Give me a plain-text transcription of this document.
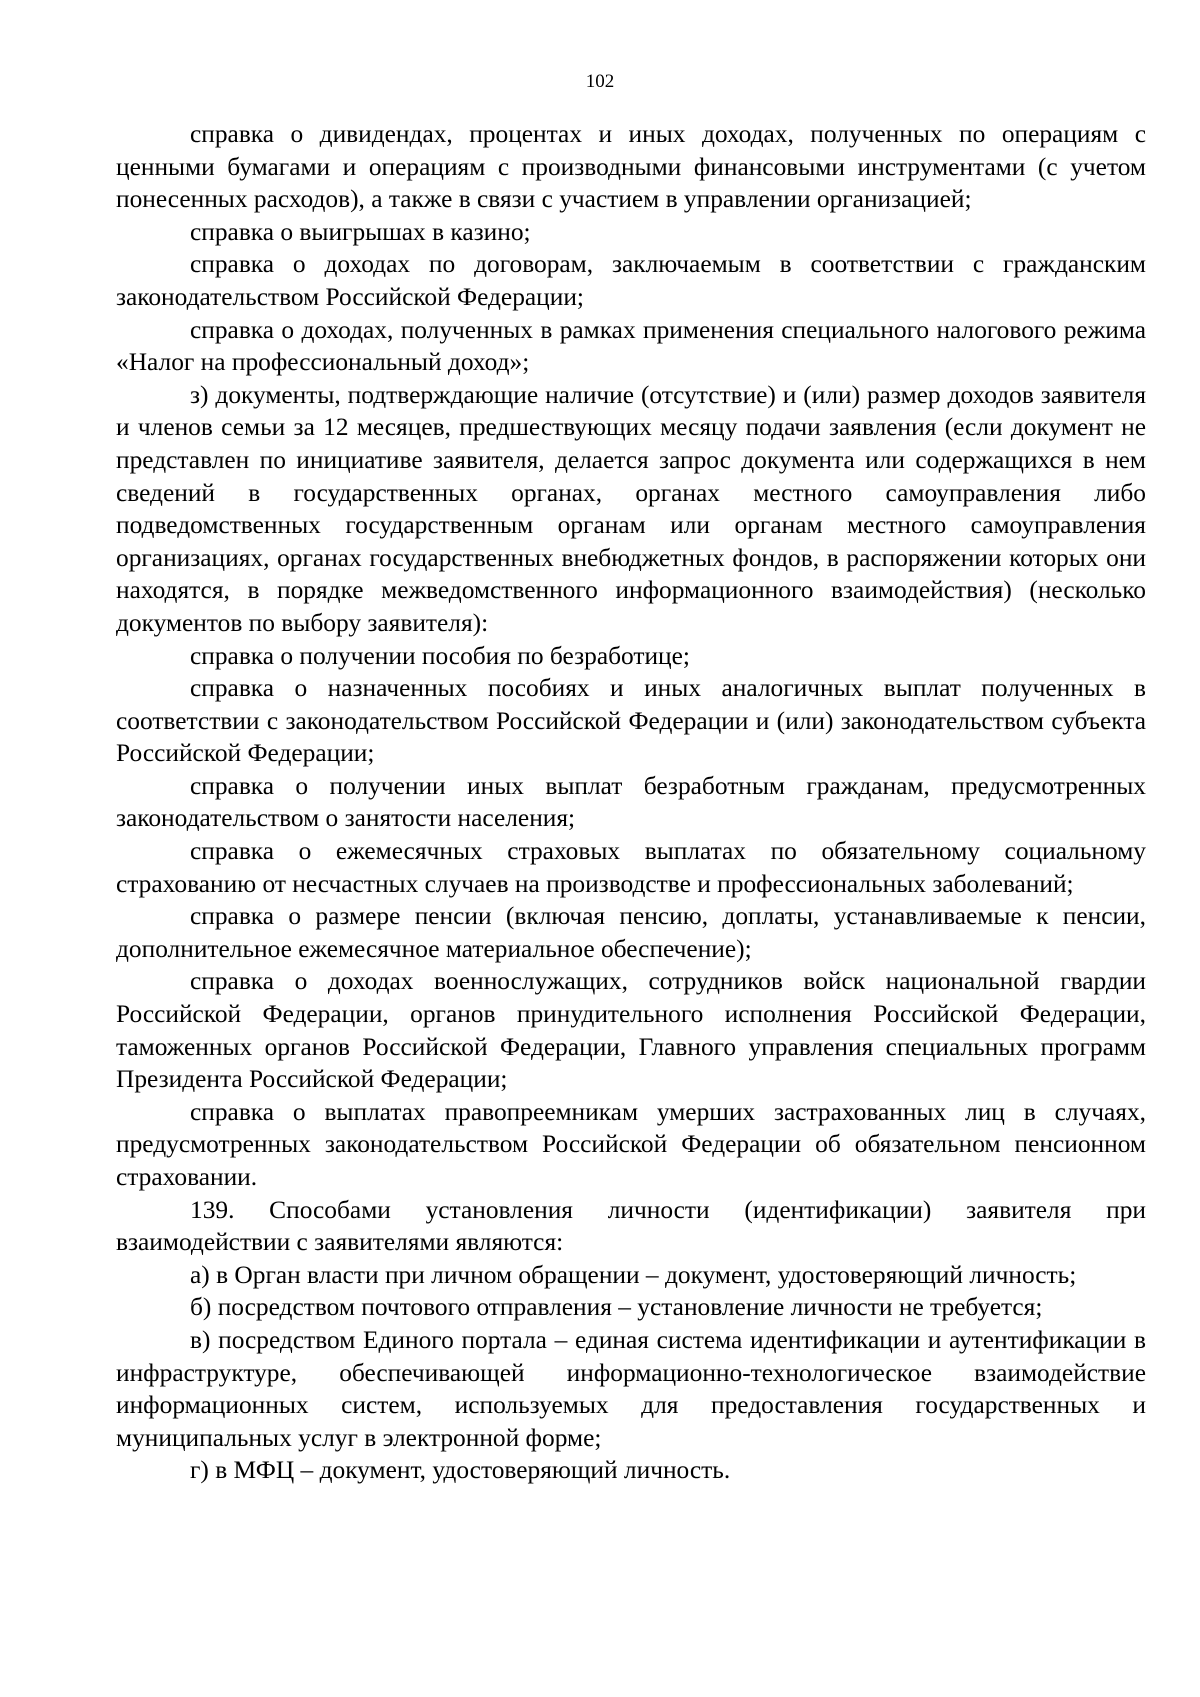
102

справка о дивидендах, процентах и иных доходах, полученных по операциям с ценными бумагами и операциям с производными финансовыми инструментами (с учетом понесенных расходов), а также в связи с участием в управлении организацией;

справка о выигрышах в казино;

справка о доходах по договорам, заключаемым в соответствии с гражданским законодательством Российской Федерации;

справка о доходах, полученных в рамках применения специального налогового режима «Налог на профессиональный доход»;

з) документы, подтверждающие наличие (отсутствие) и (или) размер доходов заявителя и членов семьи за 12 месяцев, предшествующих месяцу подачи заявления (если документ не представлен по инициативе заявителя, делается запрос документа или содержащихся в нем сведений в государственных органах, органах местного самоуправления либо подведомственных государственным органам или органам местного самоуправления организациях, органах государственных внебюджетных фондов, в распоряжении которых они находятся, в порядке межведомственного информационного взаимодействия) (несколько документов по выбору заявителя):

справка о получении пособия по безработице;

справка о назначенных пособиях и иных аналогичных выплат полученных в соответствии с законодательством Российской Федерации и (или) законодательством субъекта Российской Федерации;

справка о получении иных выплат безработным гражданам, предусмотренных законодательством о занятости населения;

справка о ежемесячных страховых выплатах по обязательному социальному страхованию от несчастных случаев на производстве и профессиональных заболеваний;

справка о размере пенсии (включая пенсию, доплаты, устанавливаемые к пенсии, дополнительное ежемесячное материальное обеспечение);

справка о доходах военнослужащих, сотрудников войск национальной гвардии Российской Федерации, органов принудительного исполнения Российской Федерации, таможенных органов Российской Федерации, Главного управления специальных программ Президента Российской Федерации;

справка о выплатах правопреемникам умерших застрахованных лиц в случаях, предусмотренных законодательством Российской Федерации об обязательном пенсионном страховании.

139. Способами установления личности (идентификации) заявителя при взаимодействии с заявителями являются:

а) в Орган власти при личном обращении – документ, удостоверяющий личность;

б) посредством почтового отправления – установление личности не требуется;

в) посредством Единого портала – единая система идентификации и аутентификации в инфраструктуре, обеспечивающей информационно-технологическое взаимодействие информационных систем, используемых для предоставления государственных и муниципальных услуг в электронной форме;

г) в МФЦ – документ, удостоверяющий личность.
